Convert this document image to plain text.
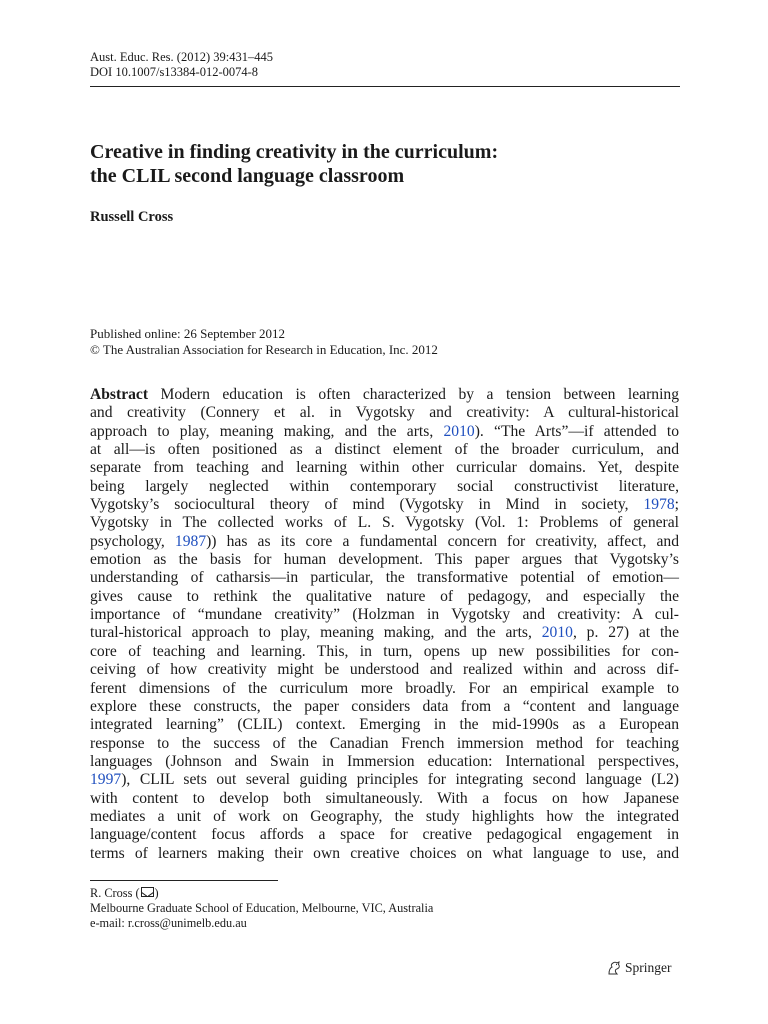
Aust. Educ. Res. (2012) 39:431–445
DOI 10.1007/s13384-012-0074-8
Creative in finding creativity in the curriculum:
the CLIL second language classroom
Russell Cross
Published online: 26 September 2012
© The Australian Association for Research in Education, Inc. 2012
Abstract Modern education is often characterized by a tension between learning
and creativity (Connery et al. in Vygotsky and creativity: A cultural-historical
approach to play, meaning making, and the arts, 2010). “The Arts”—if attended to
at all—is often positioned as a distinct element of the broader curriculum, and
separate from teaching and learning within other curricular domains. Yet, despite
being largely neglected within contemporary social constructivist literature,
Vygotsky’s sociocultural theory of mind (Vygotsky in Mind in society, 1978;
Vygotsky in The collected works of L. S. Vygotsky (Vol. 1: Problems of general
psychology, 1987)) has as its core a fundamental concern for creativity, affect, and
emotion as the basis for human development. This paper argues that Vygotsky’s
understanding of catharsis—in particular, the transformative potential of emotion—
gives cause to rethink the qualitative nature of pedagogy, and especially the
importance of “mundane creativity” (Holzman in Vygotsky and creativity: A cul-
tural-historical approach to play, meaning making, and the arts, 2010, p. 27) at the
core of teaching and learning. This, in turn, opens up new possibilities for con-
ceiving of how creativity might be understood and realized within and across dif-
ferent dimensions of the curriculum more broadly. For an empirical example to
explore these constructs, the paper considers data from a “content and language
integrated learning” (CLIL) context. Emerging in the mid-1990s as a European
response to the success of the Canadian French immersion method for teaching
languages (Johnson and Swain in Immersion education: International perspectives,
1997), CLIL sets out several guiding principles for integrating second language (L2)
with content to develop both simultaneously. With a focus on how Japanese
mediates a unit of work on Geography, the study highlights how the integrated
language/content focus affords a space for creative pedagogical engagement in
terms of learners making their own creative choices on what language to use, and
R. Cross ( )
Melbourne Graduate School of Education, Melbourne, VIC, Australia
e-mail: r.cross@unimelb.edu.au
Springer
